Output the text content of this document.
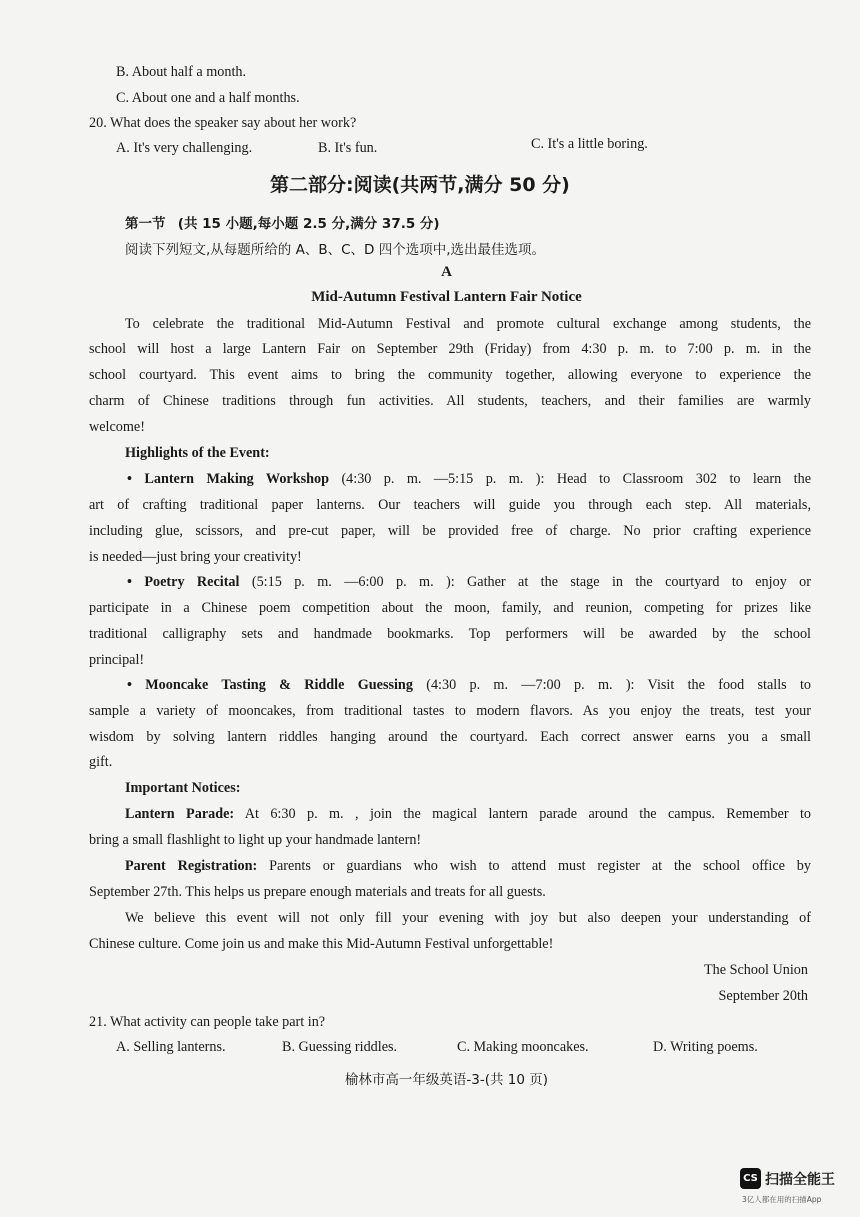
B. About half a month.
C. About one and a half months.
20. What does the speaker say about her work?
A. It's very challenging.	B. It's fun.	C. It's a little boring.
第二部分:阅读(共两节,满分 50 分)
第一节 (共 15 小题,每小题 2.5 分,满分 37.5 分)
阅读下列短文,从每题所给的 A、B、C、D 四个选项中,选出最佳选项。
A
Mid-Autumn Festival Lantern Fair Notice
To celebrate the traditional Mid-Autumn Festival and promote cultural exchange among students, the
school will host a large Lantern Fair on September 29th (Friday) from 4:30 p. m. to 7:00 p. m. in the
school courtyard. This event aims to bring the community together, allowing everyone to experience the
charm of Chinese traditions through fun activities. All students, teachers, and their families are warmly
welcome!
Highlights of the Event:
• Lantern Making Workshop (4:30 p. m. —5:15 p. m. ): Head to Classroom 302 to learn the
art of crafting traditional paper lanterns. Our teachers will guide you through each step. All materials,
including glue, scissors, and pre-cut paper, will be provided free of charge. No prior crafting experience
is needed—just bring your creativity!
• Poetry Recital (5:15 p. m. —6:00 p. m. ): Gather at the stage in the courtyard to enjoy or
participate in a Chinese poem competition about the moon, family, and reunion, competing for prizes like
traditional calligraphy sets and handmade bookmarks. Top performers will be awarded by the school
principal!
• Mooncake Tasting & Riddle Guessing (4:30 p. m. —7:00 p. m. ): Visit the food stalls to
sample a variety of mooncakes, from traditional tastes to modern flavors. As you enjoy the treats, test your
wisdom by solving lantern riddles hanging around the courtyard. Each correct answer earns you a small
gift.
Important Notices:
Lantern Parade: At 6:30 p. m. , join the magical lantern parade around the campus. Remember to
bring a small flashlight to light up your handmade lantern!
Parent Registration: Parents or guardians who wish to attend must register at the school office by
September 27th. This helps us prepare enough materials and treats for all guests.
We believe this event will not only fill your evening with joy but also deepen your understanding of
Chinese culture. Come join us and make this Mid-Autumn Festival unforgettable!
The School Union
September 20th
21. What activity can people take part in?
A. Selling lanterns.	B. Guessing riddles.	C. Making mooncakes.	D. Writing poems.
榆林市高一年级英语-3-(共 10 页)
CS 扫描全能王
3亿人都在用的扫描App
